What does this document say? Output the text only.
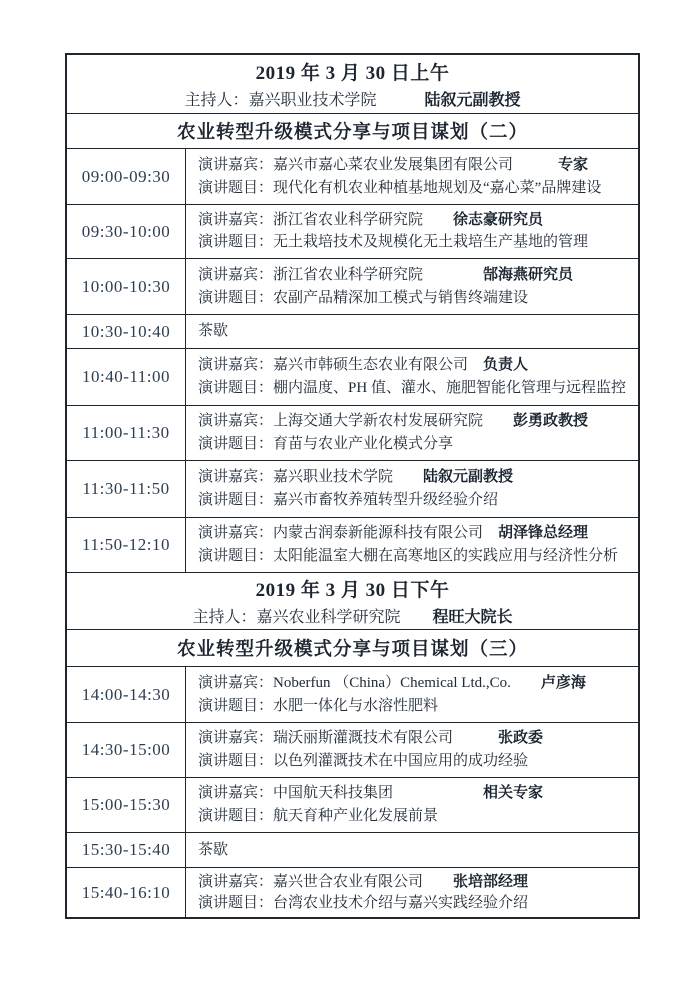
2019 年 3 月 30 日上午
主持人：嘉兴职业技术学院　　　陆叙元副教授
农业转型升级模式分享与项目谋划（二）
09:00-09:30
演讲嘉宾：嘉兴市嘉心菜农业发展集团有限公司　　　专家
演讲题目：现代化有机农业种植基地规划及“嘉心菜”品牌建设
09:30-10:00
演讲嘉宾：浙江省农业科学研究院　　徐志豪研究员
演讲题目：无土栽培技术及规模化无土栽培生产基地的管理
10:00-10:30
演讲嘉宾：浙江省农业科学研究院　　　　郜海燕研究员
演讲题目：农副产品精深加工模式与销售终端建设
10:30-10:40	茶歇
10:40-11:00
演讲嘉宾：嘉兴市韩硕生态农业有限公司　负责人
演讲题目：棚内温度、PH 值、灌水、施肥智能化管理与远程监控
11:00-11:30
演讲嘉宾：上海交通大学新农村发展研究院　　彭勇政教授
演讲题目：育苗与农业产业化模式分享
11:30-11:50
演讲嘉宾：嘉兴职业技术学院　　陆叙元副教授
演讲题目：嘉兴市畜牧养殖转型升级经验介绍
11:50-12:10
演讲嘉宾：内蒙古润泰新能源科技有限公司　胡泽锋总经理
演讲题目：太阳能温室大棚在高寒地区的实践应用与经济性分析
2019 年 3 月 30 日下午
主持人：嘉兴农业科学研究院　　程旺大院长
农业转型升级模式分享与项目谋划（三）
14:00-14:30
演讲嘉宾：Noberfun （China）Chemical Ltd.,Co.　　卢彦海
演讲题目：水肥一体化与水溶性肥料
14:30-15:00
演讲嘉宾：瑞沃丽斯灌溉技术有限公司　　　张政委
演讲题目：以色列灌溉技术在中国应用的成功经验
15:00-15:30
演讲嘉宾：中国航天科技集团　　　　　　相关专家
演讲题目：航天育种产业化发展前景
15:30-15:40	茶歇
15:40-16:10
演讲嘉宾：嘉兴世合农业有限公司　　张培部经理
演讲题目：台湾农业技术介绍与嘉兴实践经验介绍
